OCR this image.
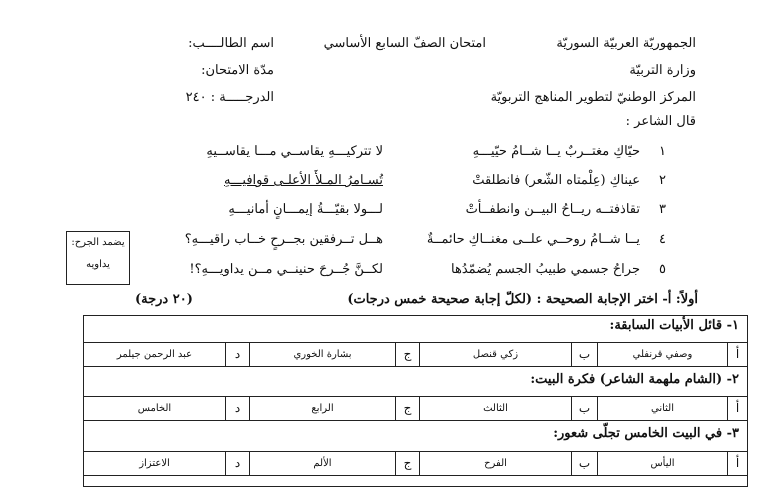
الجمهوريّة العربيّة السوريّة
وزارة التربيّة
المركز الوطنيّ لتطوير المناهج التربويّة
امتحان الصفّ السابع الأساسي
اسم الطالــــب:
مدّة الامتحان:
الدرجـــــة : ٢٤٠
قال الشاعر :
١
حيّاكِ مغتــربٌ يــا شــامُ حيّيـــهِ
لا تتركيـــهِ يقاســي مـــا يقاســيهِ
٢
عيناكِ (عِلْمتاه الشّعر) فانطلقتْ
تُسـامرُ المـلأَ الأعلـى قوافيـــهِ
٣
تقاذفتــه ريــاحُ البيــن وانطفــأتْ
لـــولا بقيّـــةُ إيمـــانٍ أمانيـــهِ
٤
يــا شــامُ روحــي علــى مغنــاكِ حائمــةٌ
هــل تــرفقين بجــرحٍ خــاب راقيـــهِ؟
٥
جراحُ جسمي طبيبُ الجسم يُضمّدُها
لكــنَّ جُــرحَ حنينــي مــن يداويـــهِ؟!
يضمد الجرح:
يداويه
أولاً: أ- اختر الإجابة الصحيحة : (لكلّ إجابة صحيحة خمس درجات)
(٢٠ درجة)
١- قائل الأبيات السابقة:
أ
وصفي قرنفلي
ب
زكي قنصل
ج
بشارة الخوري
د
عبد الرحمن جيلمر
٢- (الشام ملهمة الشاعر) فكرة البيت:
أ
الثاني
ب
الثالث
ج
الرابع
د
الخامس
٣- في البيت الخامس تجلّى شعور:
أ
اليأس
ب
الفرح
ج
الألم
د
الاعتزاز
